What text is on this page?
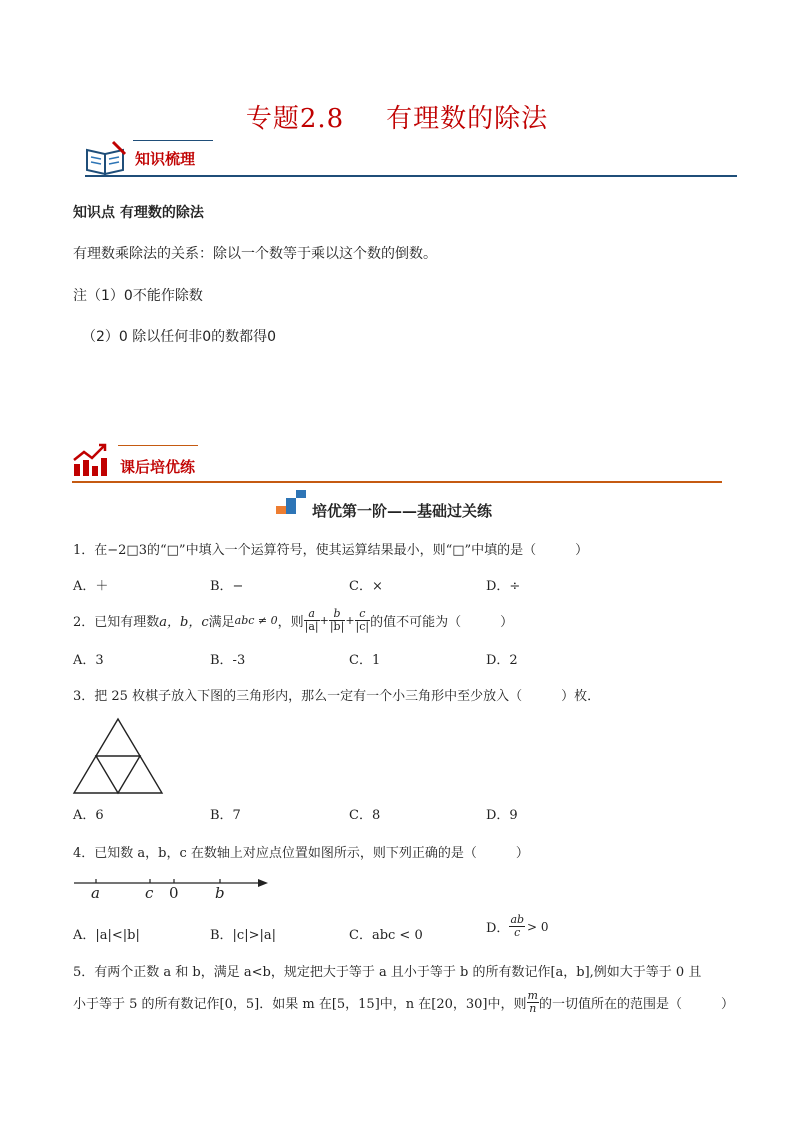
专题2.8 有理数的除法
知识梳理
知识点 有理数的除法
有理数乘除法的关系：除以一个数等于乘以这个数的倒数。
注（1）0不能作除数
（2）0 除以任何非0的数都得0
课后培优练
培优第一阶——基础过关练
1．在−2□3的“□”中填入一个运算符号，使其运算结果最小，则“□”中填的是（　　　）
A．＋	B．−	C．×	D．÷
2．已知有理数 a，b，c 满足 abc ≠ 0 ，则 $\frac{a}{|a|} + \frac{b}{|b|} + \frac{c}{|c|}$ 的值不可能为（　　　）
A．3	B．-3	C．1	D．2
3．把 25 枚棋子放入下图的三角形内，那么一定有一个小三角形中至少放入（　　　）枚．
A．6	B．7	C．8	D．9
4．已知数 a，b，c 在数轴上对应点位置如图所示，则下列正确的是（　　　）
a	c 0 b
A．|a|<|b|	B．|c|>|a|	C．abc < 0	D． $\frac{ab}{c} > 0$
5．有两个正数 a 和 b，满足 a<b，规定把大于等于 a 且小于等于 b 的所有数记作[a，b],例如大于等于 0 且
小于等于 5 的所有数记作[0，5]．如果 m 在[5，15]中，n 在[20，30]中，则 $\frac{m}{n}$ 的一切值所在的范围是（　　　）
